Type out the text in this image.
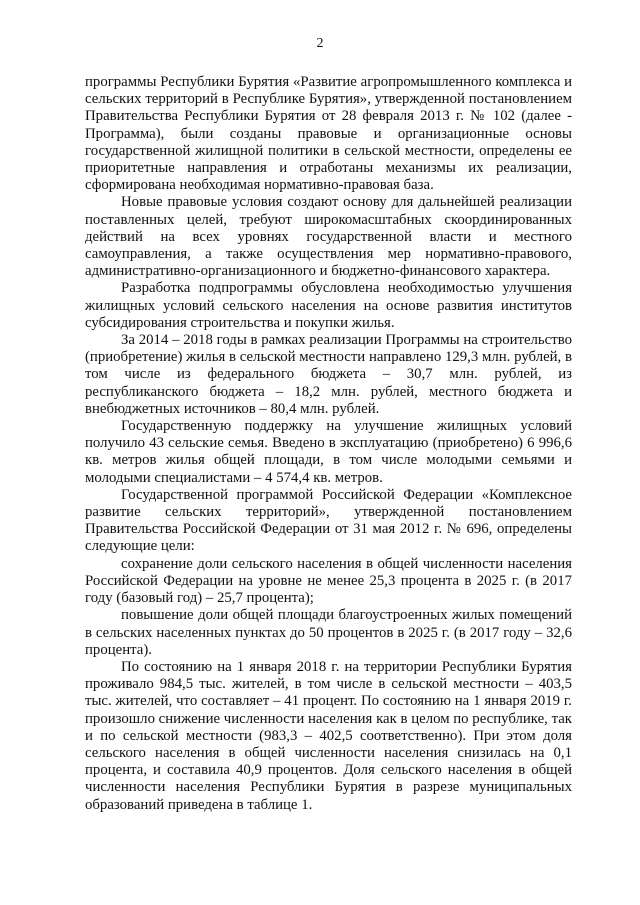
2

программы Республики Бурятия «Развитие агропромышленного комплекса и сельских территорий в Республике Бурятия», утвержденной постановлением Правительства Республики Бурятия от 28 февраля 2013 г. № 102 (далее - Программа), были созданы правовые и организационные основы государственной жилищной политики в сельской местности, определены ее приоритетные направления и отработаны механизмы их реализации, сформирована необходимая нормативно-правовая база.

Новые правовые условия создают основу для дальнейшей реализации поставленных целей, требуют широкомасштабных скоординированных действий на всех уровнях государственной власти и местного самоуправления, а также осуществления мер нормативно-правового, административно-организационного и бюджетно-финансового характера.

Разработка подпрограммы обусловлена необходимостью улучшения жилищных условий сельского населения на основе развития институтов субсидирования строительства и покупки жилья.

За 2014 – 2018 годы в рамках реализации Программы на строительство (приобретение) жилья в сельской местности направлено 129,3 млн. рублей, в том числе из федерального бюджета – 30,7 млн. рублей, из республиканского бюджета – 18,2 млн. рублей, местного бюджета и внебюджетных источников – 80,4 млн. рублей.

Государственную поддержку на улучшение жилищных условий получило 43 сельские семья. Введено в эксплуатацию (приобретено) 6 996,6 кв. метров жилья общей площади, в том числе молодыми семьями и молодыми специалистами – 4 574,4 кв. метров.

Государственной программой Российской Федерации «Комплексное развитие сельских территорий», утвержденной постановлением Правительства Российской Федерации от 31 мая 2012 г. № 696, определены следующие цели:

сохранение доли сельского населения в общей численности населения Российской Федерации на уровне не менее 25,3 процента в 2025 г. (в 2017 году (базовый год) – 25,7 процента);

повышение доли общей площади благоустроенных жилых помещений в сельских населенных пунктах до 50 процентов в 2025 г. (в 2017 году – 32,6 процента).

По состоянию на 1 января 2018 г. на территории Республики Бурятия проживало 984,5 тыс. жителей, в том числе в сельской местности – 403,5 тыс. жителей, что составляет – 41 процент. По состоянию на 1 января 2019 г. произошло снижение численности населения как в целом по республике, так и по сельской местности (983,3 – 402,5 соответственно). При этом доля сельского населения в общей численности населения снизилась на 0,1 процента, и составила 40,9 процентов. Доля сельского населения в общей численности населения Республики Бурятия в разрезе муниципальных образований приведена в таблице 1.
